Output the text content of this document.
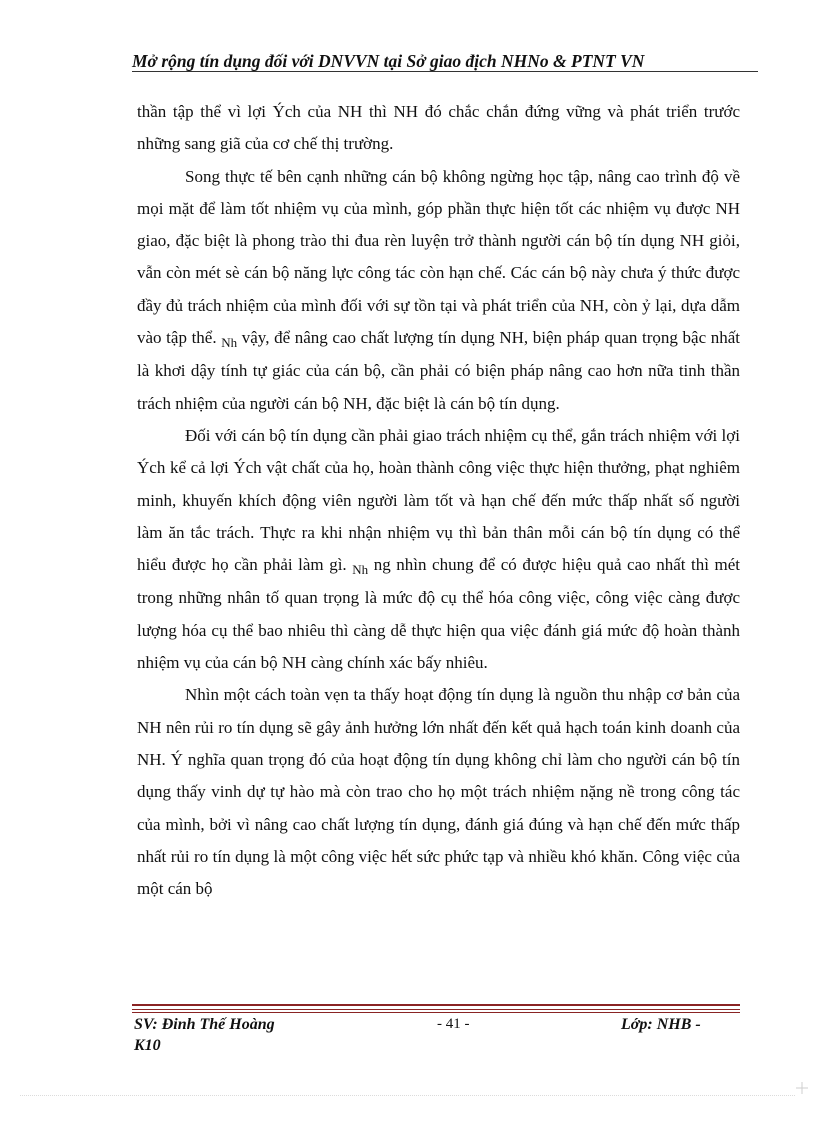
Mở rộng tín dụng đối với DNVVN tại Sở giao địch NHNo & PTNT VN

thần tập thể vì lợi Ých của NH thì NH đó chắc chắn đứng vững và phát triển trước những sang giã của cơ chế thị trường.

Song thực tế bên cạnh những cán bộ không ngừng học tập, nâng cao trình độ về mọi mặt để làm tốt nhiệm vụ của mình, góp phần thực hiện tốt các nhiệm vụ được NH giao, đặc biệt là phong trào thi đua rèn luyện trở thành người cán bộ tín dụng NH giỏi, vẫn còn mét sè cán bộ năng lực công tác còn hạn chế. Các cán bộ này chưa ý thức được đầy đủ trách nhiệm của mình đối với sự tồn tại và phát triển của NH, còn ỷ lại, dựa dẫm vào tập thể. $_{Nh}$ vậy, để nâng cao chất lượng tín dụng NH, biện pháp quan trọng bậc nhất là khơi dậy tính tự giác của cán bộ, cần phải có biện pháp nâng cao hơn nữa tinh thần trách nhiệm của người cán bộ NH, đặc biệt là cán bộ tín dụng.

Đối với cán bộ tín dụng cần phải giao trách nhiệm cụ thể, gắn trách nhiệm với lợi Ých kể cả lợi Ých vật chất của họ, hoàn thành công việc thực hiện thưởng, phạt nghiêm minh, khuyến khích động viên người làm tốt và hạn chế đến mức thấp nhất số người làm ăn tắc trách. Thực ra khi nhận nhiệm vụ thì bản thân mỗi cán bộ tín dụng có thể hiểu được họ cần phải làm gì. $_{Nh}$ ng nhìn chung để có được hiệu quả cao nhất thì mét trong những nhân tố quan trọng là mức độ cụ thể hóa công việc, công việc càng được lượng hóa cụ thể bao nhiêu thì càng dễ thực hiện qua việc đánh giá mức độ hoàn thành nhiệm vụ của cán bộ NH càng chính xác bấy nhiêu.

Nhìn một cách toàn vẹn ta thấy hoạt động tín dụng là nguồn thu nhập cơ bản của NH nên rủi ro tín dụng sẽ gây ảnh hưởng lớn nhất đến kết quả hạch toán kinh doanh của NH. Ý nghĩa quan trọng đó của hoạt động tín dụng không chỉ làm cho người cán bộ tín dụng thấy vinh dự tự hào mà còn trao cho họ một trách nhiệm nặng nề trong công tác của mình, bởi vì nâng cao chất lượng tín dụng, đánh giá đúng và hạn chế đến mức thấp nhất rủi ro tín dụng là một công việc hết sức phức tạp và nhiều khó khăn. Công việc của một cán bộ

SV: Đinh Thế Hoàng
K10
- 41 -	Lớp: NHB -
